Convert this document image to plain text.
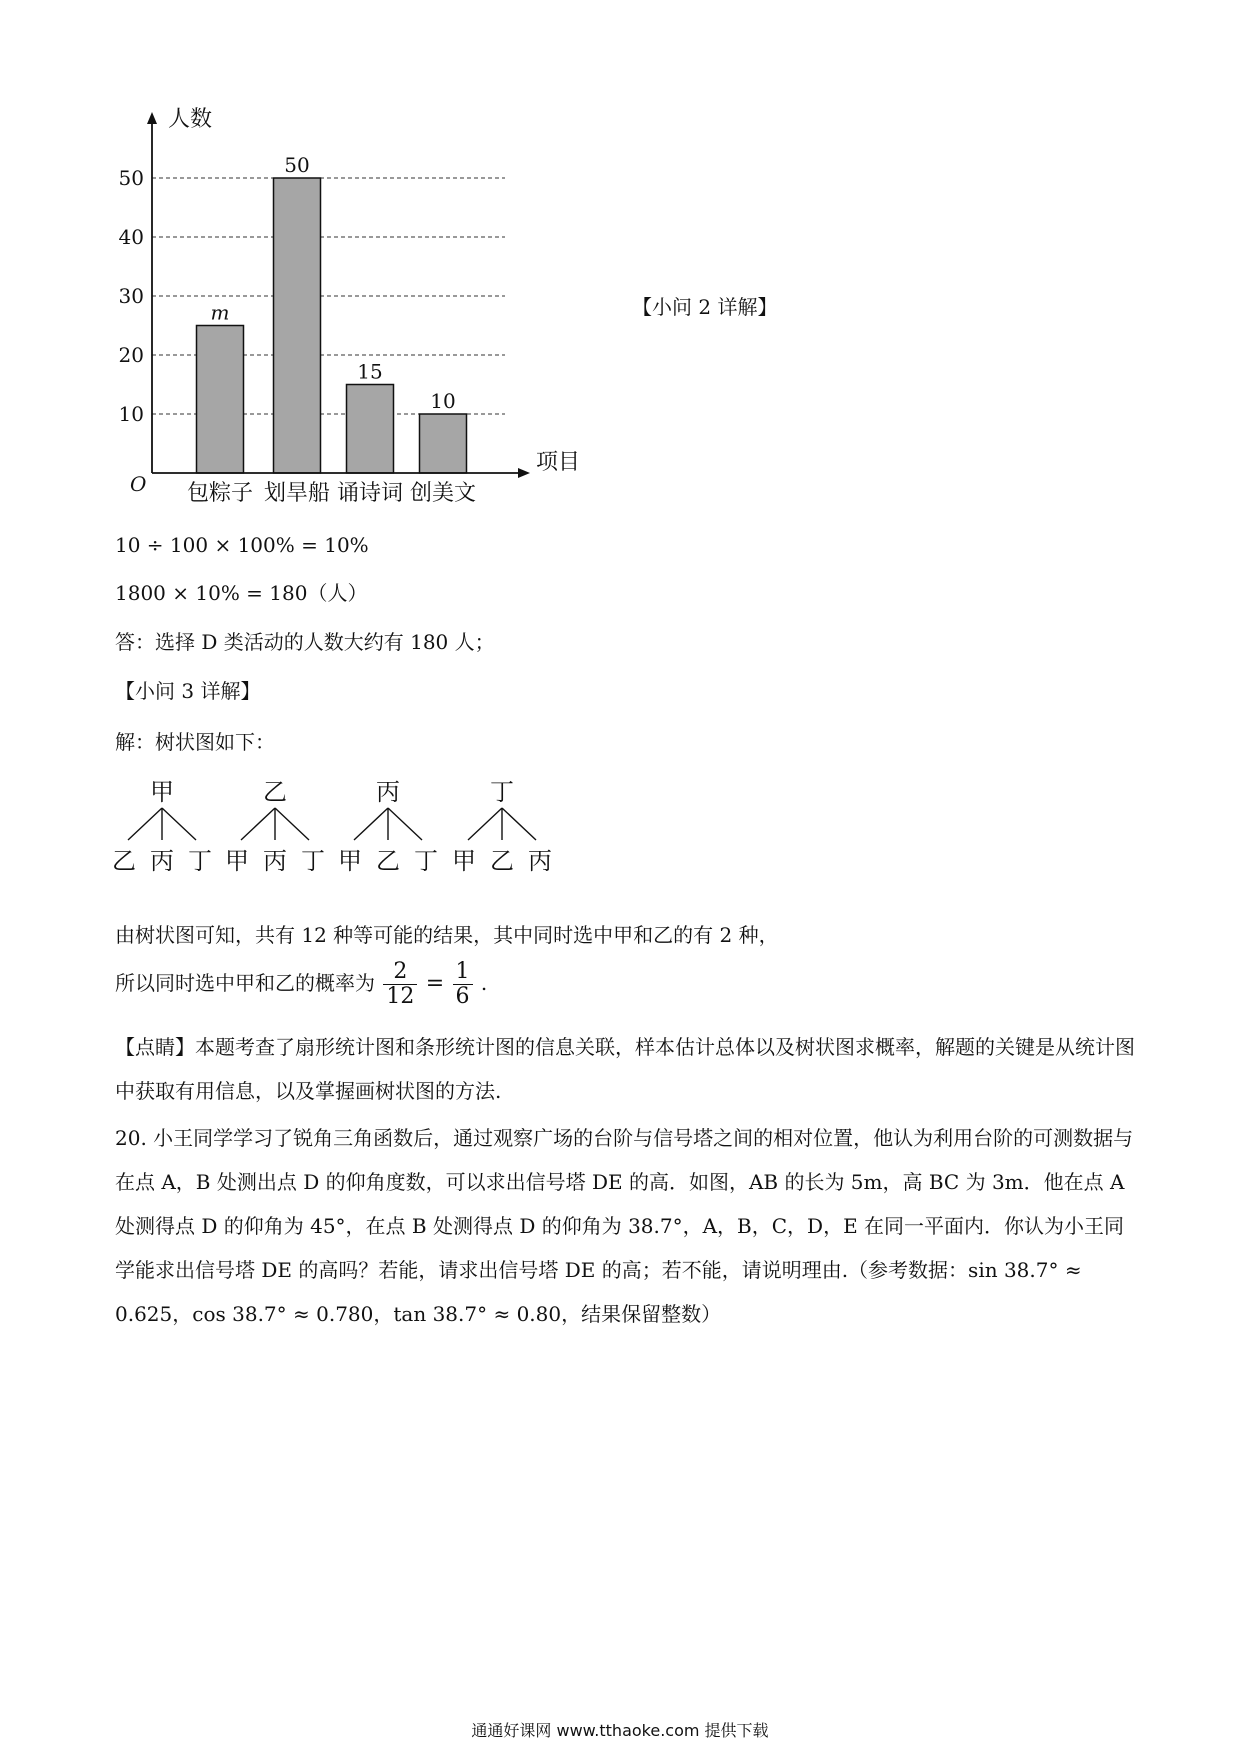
10
20
30
40
50
m
包粽子
50
划旱船
15
诵诗词
10
创美文
人数
项目
O
【小问 2 详解】
10 ÷ 100 × 100% = 10%
1800 × 10% = 180（人）
答：选择 D 类活动的人数大约有 180 人；
【小问 3 详解】
解：树状图如下：
甲
乙 丙 丁
乙
甲 丙 丁
丙
甲 乙 丁
丁
甲 乙 丙
由树状图可知，共有 12 种等可能的结果，其中同时选中甲和乙的有 2 种，
所以同时选中甲和乙的概率为 $\frac{2}{12} = \frac{1}{6}$ .
【点睛】本题考查了扇形统计图和条形统计图的信息关联，样本估计总体以及树状图求概率，解题的关键是从统计图中获取有用信息，以及掌握画树状图的方法.
20. 小王同学学习了锐角三角函数后，通过观察广场的台阶与信号塔之间的相对位置，他认为利用台阶的可测数据与在点 A，B 处测出点 D 的仰角度数，可以求出信号塔 DE 的高．如图，AB 的长为 5m，高 BC 为 3m．他在点 A 处测得点 D 的仰角为 45°，在点 B 处测得点 D 的仰角为 38.7°，A，B，C，D，E 在同一平面内．你认为小王同学能求出信号塔 DE 的高吗？若能，请求出信号塔 DE 的高；若不能，请说明理由.（参考数据：sin 38.7° ≈ 0.625，cos 38.7° ≈ 0.780，tan 38.7° ≈ 0.80，结果保留整数）
通通好课网 www.tthaoke.com 提供下载
